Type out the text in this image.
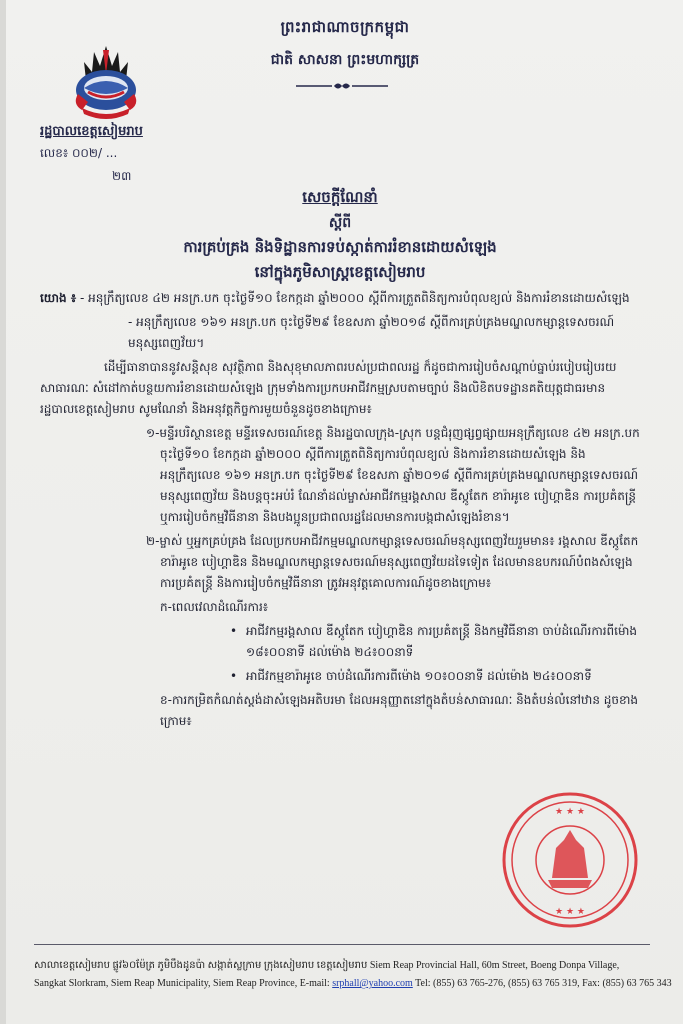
ព្រះរាជាណាចក្រកម្ពុជា
ជាតិ សាសនា ព្រះមហាក្សត្រ
រដ្ឋបាលខេត្តសៀមរាប
លេខ៖ ០០២/ ...
២៣
សេចក្តីណែនាំ
ស្តីពី
ការគ្រប់គ្រង និងទិដ្ឋានការទប់ស្កាត់ការរំខានដោយសំឡេង
នៅក្នុងភូមិសាស្ត្រខេត្តសៀមរាប

យោង ៖ - អនុក្រឹត្យលេខ ៤២ អនក្រ.បក ចុះថ្ងៃទី១០ ខែកក្កដា ឆ្នាំ២០០០ ស្តីពីការត្រួតពិនិត្យការបំពុលខ្យល់ និងការរំខានដោយសំឡេង

- អនុក្រឹត្យលេខ ១៦១ អនក្រ.បក ចុះថ្ងៃទី២៩ ខែឧសភា ឆ្នាំ២០១៨ ស្តីពីការគ្រប់គ្រងមណ្ឌលកម្សាន្តទេសចរណ៍មនុស្សពេញវ័យ។

ដើម្បីធានាបាននូវសន្តិសុខ សុវត្ថិភាព និងសុខុមាលភាពរបស់ប្រជាពលរដ្ឋ ក៏ដូចជាការរៀបចំសណ្តាប់ធ្នាប់របៀបរៀបរយសាធារណៈ សំដៅកាត់បន្ថយការរំខានដោយសំឡេង ក្រុមទាំងការប្រកបអាជីវកម្មស្របតាមច្បាប់ និងលិខិតបទដ្ឋានគតិយុត្តជាធរមាន រដ្ឋបាលខេត្តសៀមរាប សូមណែនាំ និងអនុវត្តកិច្ចការមួយចំនួនដូចខាងក្រោម៖

១-មន្ទីរបរិស្ថានខេត្ត មន្ទីរទេសចរណ៍ខេត្ត និងរដ្ឋបាលក្រុង-ស្រុក បន្តជំរុញផ្សព្វផ្សាយអនុក្រឹត្យលេខ ៤២ អនក្រ.បក ចុះថ្ងៃទី១០ ខែកក្កដា ឆ្នាំ២០០០ ស្តីពីការត្រួតពិនិត្យការបំពុលខ្យល់ និងការរំខានដោយសំឡេង និងអនុក្រឹត្យលេខ ១៦១ អនក្រ.បក ចុះថ្ងៃទី២៩ ខែឧសភា ឆ្នាំ២០១៨ ស្តីពីការគ្រប់គ្រងមណ្ឌលកម្សាន្តទេសចរណ៍មនុស្សពេញវ័យ និងបន្តចុះអប់រំ ណែនាំដល់ម្ចាស់អាជីវកម្មរង្គសាល ឌីស្កូតែក ខារ៉ាអូខេ បៀហ្គាឌិន ការប្រគំតន្ត្រី ឬការរៀបចំកម្មវិធីនានា និងបងប្អូនប្រជាពលរដ្ឋដែលមានការបង្កជាសំឡេងរំខាន។

២-ម្ចាស់ ឬអ្នកគ្រប់គ្រង ដែលប្រកបអាជីវកម្មមណ្ឌលកម្សាន្តទេសចរណ៍មនុស្សពេញវ័យរួមមាន៖ រង្គសាល ឌីស្កូតែក ខារ៉ាអូខេ បៀហ្គាឌិន និងមណ្ឌលកម្សាន្តទេសចរណ៍មនុស្សពេញវ័យដទៃទៀត ដែលមានឧបករណ៍បំពងសំឡេង ការប្រគំតន្ត្រី និងការរៀបចំកម្មវិធីនានា ត្រូវអនុវត្តគោលការណ៍ដូចខាងក្រោម៖

ក-ពេលវេលាដំណើរការ៖

• អាជីវកម្មរង្គសាល ឌីស្កូតែក បៀហ្គាឌិន ការប្រគំតន្ត្រី និងកម្មវិធីនានា ចាប់ដំណើរការពីម៉ោង ១៨៖០០នាទី ដល់ម៉ោង ២៤៖០០នាទី

• អាជីវកម្មខារ៉ាអូខេ ចាប់ដំណើរការពីម៉ោង ១០៖០០នាទី ដល់ម៉ោង ២៤៖០០នាទី

ខ-ការកម្រិតកំណត់ស្តង់ដាសំឡេងអតិបរមា ដែលអនុញ្ញាតនៅក្នុងតំបន់សាធារណៈ និងតំបន់លំនៅឋាន ដូចខាងក្រោម៖

★ ★ ★
★ ★ ★
សាលាខេត្តសៀមរាប ផ្លូវ៦០ម៉ែត្រ ភូមិបឹងដូនប៉ា សង្កាត់ស្លក្រាម ក្រុងសៀមរាប ខេត្តសៀមរាប Siem Reap Provincial Hall, 60m Street, Boeng Donpa Village,
Sangkat Slorkram, Siem Reap Municipality, Siem Reap Province, E-mail: srphall@yahoo.com Tel: (855) 63 765-276, (855) 63 765 319, Fax: (855) 63 765 343
